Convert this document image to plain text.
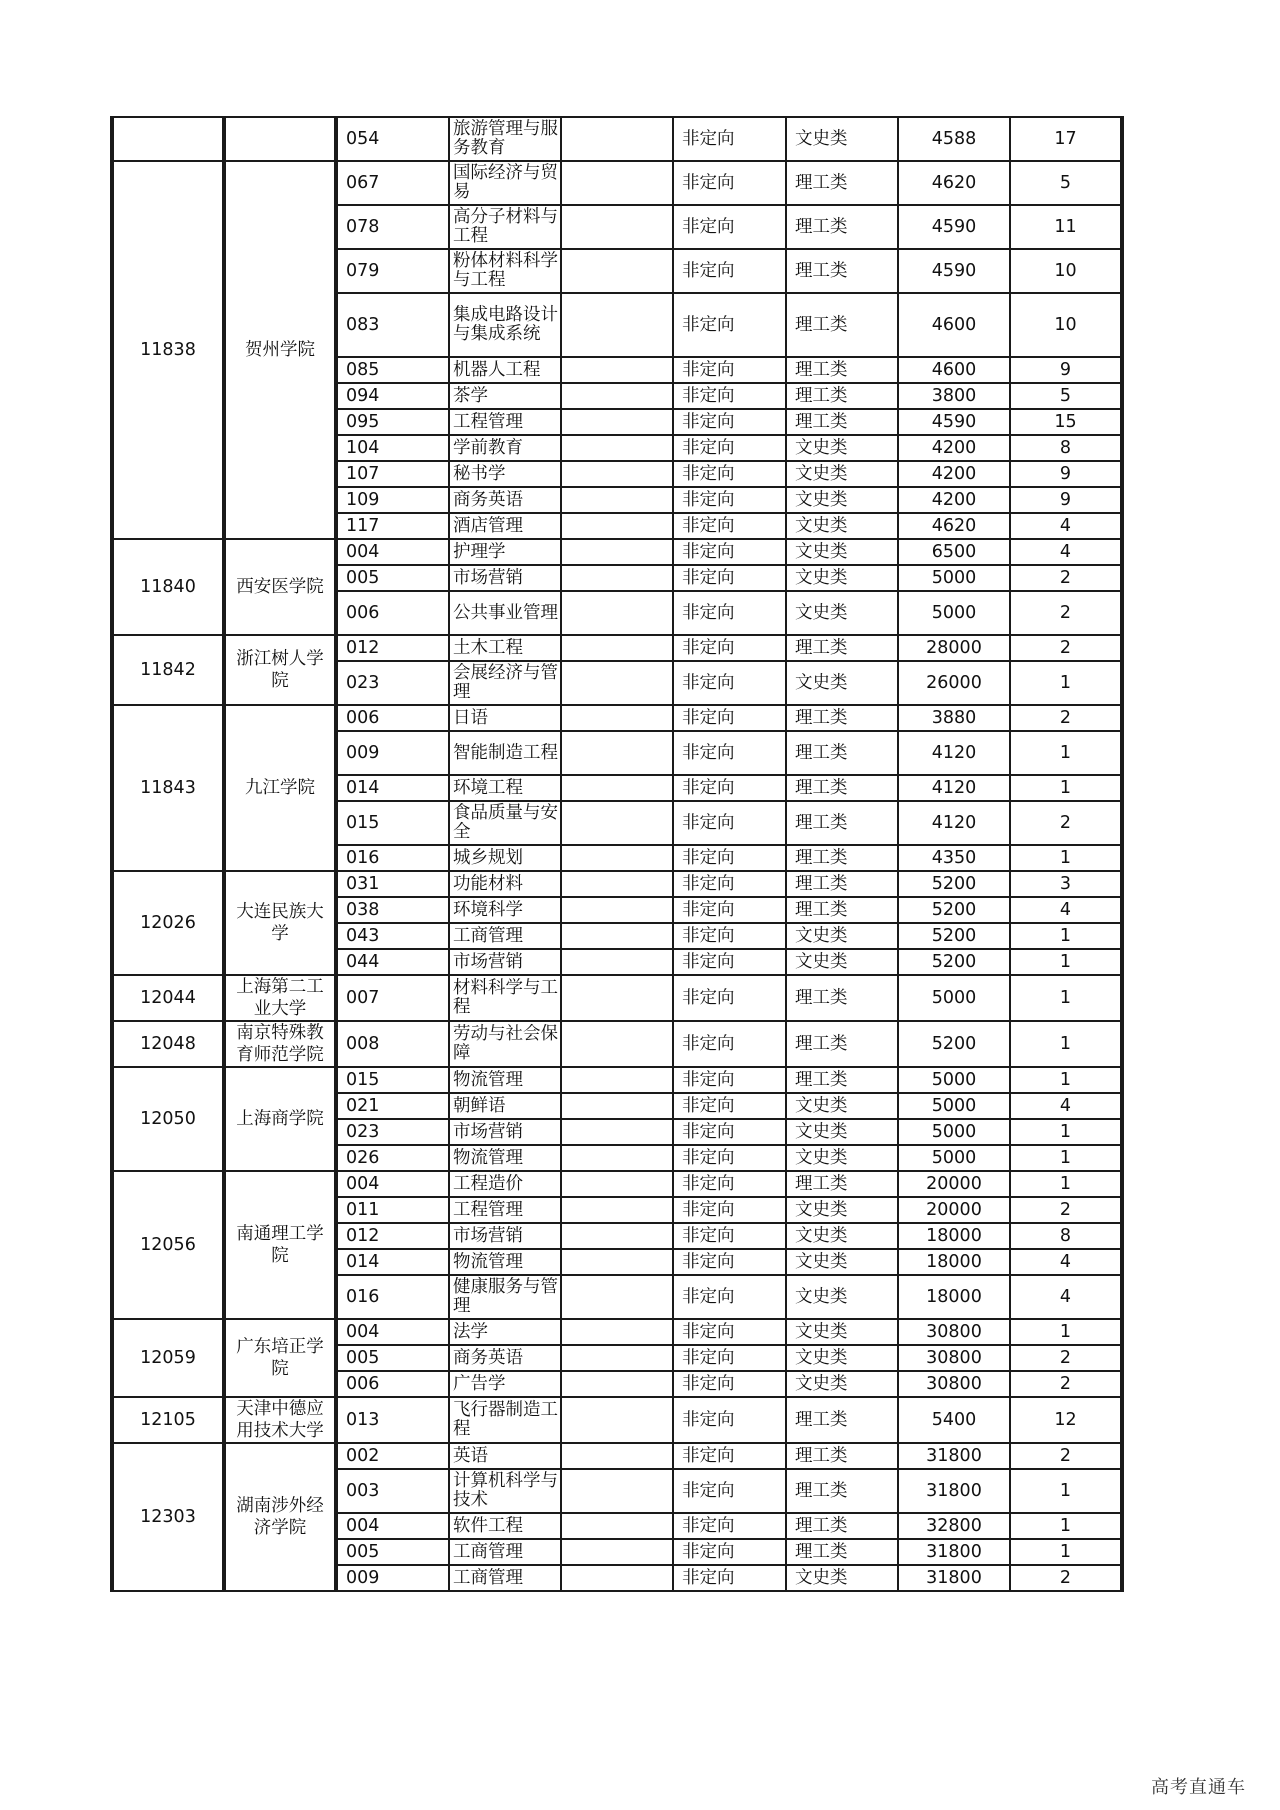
		054	旅游管理与服务教育		非定向	文史类	4588	17
11838	贺州学院	067	国际经济与贸易		非定向	理工类	4620	5
		078	高分子材料与工程		非定向	理工类	4590	11
		079	粉体材料科学与工程		非定向	理工类	4590	10
		083	集成电路设计与集成系统		非定向	理工类	4600	10
		085	机器人工程		非定向	理工类	4600	9
		094	茶学		非定向	理工类	3800	5
		095	工程管理		非定向	理工类	4590	15
		104	学前教育		非定向	文史类	4200	8
		107	秘书学		非定向	文史类	4200	9
		109	商务英语		非定向	文史类	4200	9
		117	酒店管理		非定向	文史类	4620	4
11840	西安医学院	004	护理学		非定向	文史类	6500	4
		005	市场营销		非定向	文史类	5000	2
		006	公共事业管理		非定向	文史类	5000	2
11842	浙江树人学院	012	土木工程		非定向	理工类	28000	2
		023	会展经济与管理		非定向	文史类	26000	1
11843	九江学院	006	日语		非定向	理工类	3880	2
		009	智能制造工程		非定向	理工类	4120	1
		014	环境工程		非定向	理工类	4120	1
		015	食品质量与安全		非定向	理工类	4120	2
		016	城乡规划		非定向	理工类	4350	1
12026	大连民族大学	031	功能材料		非定向	理工类	5200	3
		038	环境科学		非定向	理工类	5200	4
		043	工商管理		非定向	文史类	5200	1
		044	市场营销		非定向	文史类	5200	1
12044	上海第二工业大学	007	材料科学与工程		非定向	理工类	5000	1
12048	南京特殊教育师范学院	008	劳动与社会保障		非定向	理工类	5200	1
12050	上海商学院	015	物流管理		非定向	理工类	5000	1
		021	朝鲜语		非定向	文史类	5000	4
		023	市场营销		非定向	文史类	5000	1
		026	物流管理		非定向	文史类	5000	1
12056	南通理工学院	004	工程造价		非定向	理工类	20000	1
		011	工程管理		非定向	文史类	20000	2
		012	市场营销		非定向	文史类	18000	8
		014	物流管理		非定向	文史类	18000	4
		016	健康服务与管理		非定向	文史类	18000	4
12059	广东培正学院	004	法学		非定向	文史类	30800	1
		005	商务英语		非定向	文史类	30800	2
		006	广告学		非定向	文史类	30800	2
12105	天津中德应用技术大学	013	飞行器制造工程		非定向	理工类	5400	12
12303	湖南涉外经济学院	002	英语		非定向	理工类	31800	2
		003	计算机科学与技术		非定向	理工类	31800	1
		004	软件工程		非定向	理工类	32800	1
		005	工商管理		非定向	理工类	31800	1
		009	工商管理		非定向	文史类	31800	2
高考直通车
